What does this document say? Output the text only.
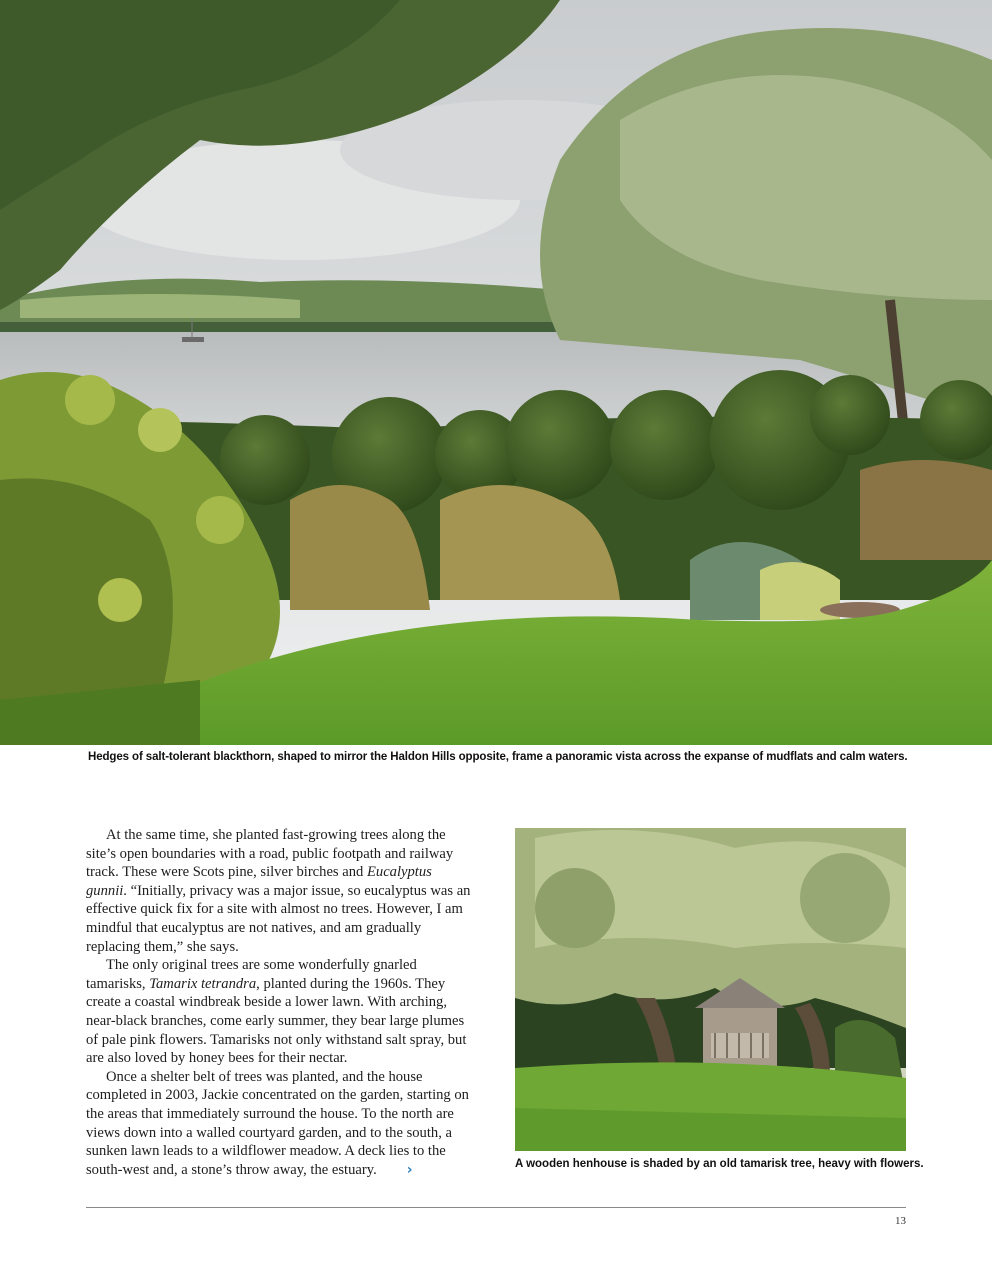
Hedges of salt-tolerant blackthorn, shaped to mirror the Haldon Hills opposite, frame a panoramic vista across the expanse of mudflats and calm waters.

At the same time, she planted fast-growing trees along the site’s open boundaries with a road, public footpath and railway track. These were Scots pine, silver birches and Eucalyptus gunnii. “Initially, privacy was a major issue, so eucalyptus was an effective quick fix for a site with almost no trees. However, I am mindful that eucalyptus are not natives, and am gradually replacing them,” she says.

The only original trees are some wonderfully gnarled tamarisks, Tamarix tetrandra, planted during the 1960s. They create a coastal windbreak beside a lower lawn. With arching, near-black branches, come early summer, they bear large plumes of pale pink flowers. Tamarisks not only withstand salt spray, but are also loved by honey bees for their nectar.

Once a shelter belt of trees was planted, and the house completed in 2003, Jackie concentrated on the garden, starting on the areas that immediately surround the house. To the north are views down into a walled courtyard garden, and to the south, a sunken lawn leads to a wildflower meadow. A deck lies to the south-west and, a stone’s throw away, the estuary. ›	A wooden henhouse is shaded by an old tamarisk tree, heavy with flowers.
13
